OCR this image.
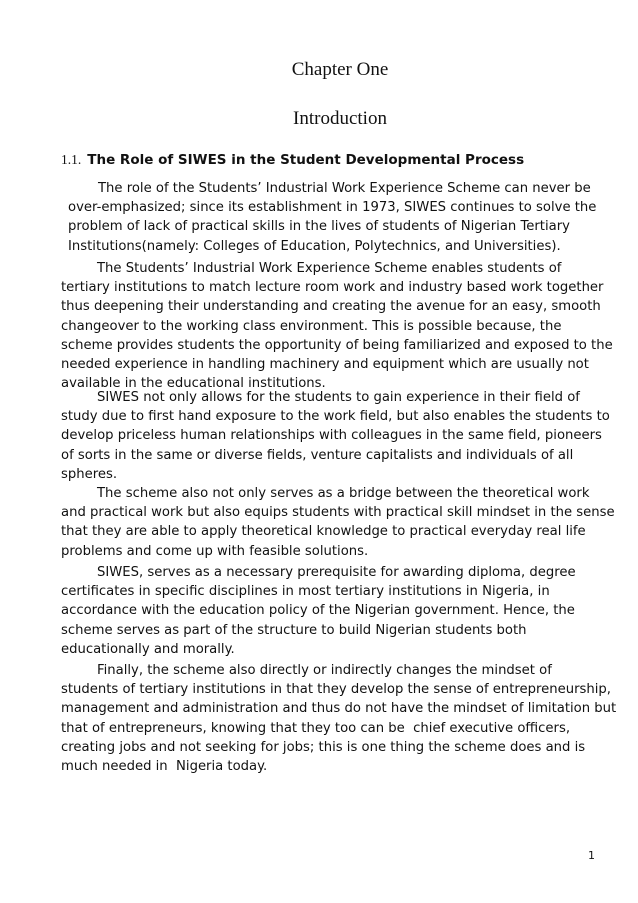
Chapter One
Introduction
1.1. The Role of SIWES in the Student Developmental Process
The role of the Students’ Industrial Work Experience Scheme can never be
over-emphasized; since its establishment in 1973, SIWES continues to solve the
problem of lack of practical skills in the lives of students of Nigerian Tertiary
Institutions(namely: Colleges of Education, Polytechnics, and Universities).
The Students’ Industrial Work Experience Scheme enables students of
tertiary institutions to match lecture room work and industry based work together
thus deepening their understanding and creating the avenue for an easy, smooth
changeover to the working class environment. This is possible because, the
scheme provides students the opportunity of being familiarized and exposed to the
needed experience in handling machinery and equipment which are usually not
available in the educational institutions.
SIWES not only allows for the students to gain experience in their field of
study due to first hand exposure to the work field, but also enables the students to
develop priceless human relationships with colleagues in the same field, pioneers
of sorts in the same or diverse fields, venture capitalists and individuals of all
spheres.
The scheme also not only serves as a bridge between the theoretical work
and practical work but also equips students with practical skill mindset in the sense
that they are able to apply theoretical knowledge to practical everyday real life
problems and come up with feasible solutions.
SIWES, serves as a necessary prerequisite for awarding diploma, degree
certificates in specific disciplines in most tertiary institutions in Nigeria, in
accordance with the education policy of the Nigerian government. Hence, the
scheme serves as part of the structure to build Nigerian students both
educationally and morally.
Finally, the scheme also directly or indirectly changes the mindset of
students of tertiary institutions in that they develop the sense of entrepreneurship,
management and administration and thus do not have the mindset of limitation but
that of entrepreneurs, knowing that they too can be  chief executive officers,
creating jobs and not seeking for jobs; this is one thing the scheme does and is
much needed in  Nigeria today.
1
